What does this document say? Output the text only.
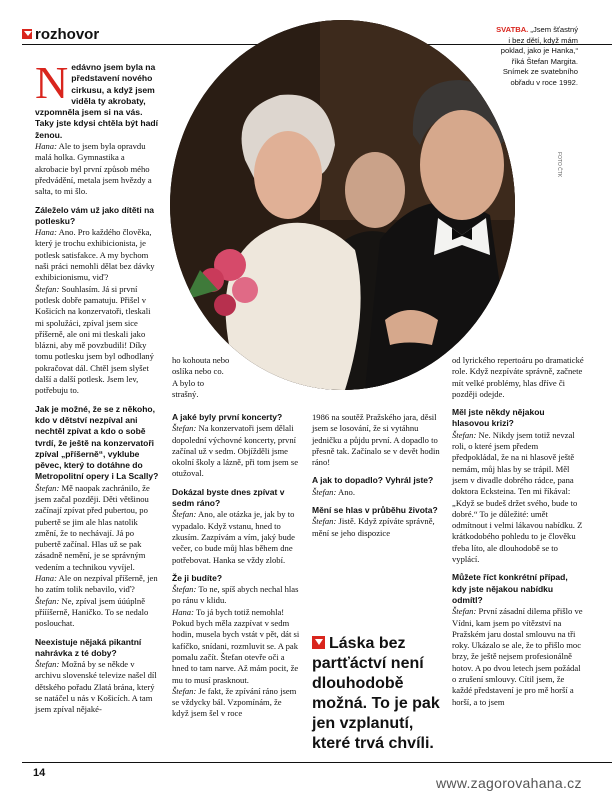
rozhovor

Nedávno jsem byla na představení nového cirkusu, a když jsem viděla ty akrobaty, vzpomněla jsem si na vás. Taky jste kdysi chtěla být hadí ženou.

Hana: Ale to jsem byla opravdu malá holka. Gymnastika a akrobacie byl první způsob mého předvádění, metala jsem hvězdy a salta, to mi šlo.

Záleželo vám už jako dítěti na potlesku?

Hana: Ano. Pro každého člověka, který je trochu exhibicionista, je potlesk satisfakce. A my bychom naši práci nemohli dělat bez dávky exhibicionismu, viď?

Štefan: Souhlasím. Já si první potlesk dobře pamatuju. Přišel v Košicích na konzervatoři, tleskali mi spolužáci, zpíval jsem sice příšerně, ale oni mi tleskali jako blázni, aby mě povzbudili! Díky tomu potlesku jsem byl odhodlaný pokračovat dál. Chtěl jsem slyšet další a další potlesk. Jsem lev, potřebuju to.

Jak je možné, že se z někoho, kdo v dětství nezpíval ani nechtěl zpívat a kdo o sobě tvrdí, že ještě na konzervatoři zpíval „příšerně“, vyklube pěvec, který to dotáhne do Metropolitní opery i La Scally?

Štefan: Mě naopak zachránilo, že jsem začal později. Děti většinou začínají zpívat před pubertou, po pubertě se jim ale hlas natolik změní, že to nechávají. Já po pubertě začínal. Hlas už se pak zásadně nemění, je se správným vedením a technikou vyvíjel.

Hana: Ale on nezpíval příšerně, jen ho zatím tolik nebavilo, viď?

Štefan: Ne, zpíval jsem úúúplně příííšerně, Haničko. To se nedalo poslouchat.

Neexistuje nějaká pikantní nahrávka z té doby?

Štefan: Možná by se někde v archivu slovenské televize našel díl dětského pořadu Zlatá brána, který se natáčel u nás v Košicích. A tam jsem zpíval nějaké-

SVATBA. „Jsem šťastný i bez dětí, když mám poklad, jako je Hanka,“ říká Štefan Margita. Snímek ze svatebního obřadu v roce 1992.
FOTO ČTK

ho kohouta nebo oslíka nebo co. A bylo to strašný.

A jaké byly první koncerty?

Štefan: Na konzervatoři jsem dělali dopolední výchovné koncerty, první začínal už v sedm. Objížděli jsme okolní školy a lázně, při tom jsem se otužoval.

Dokázal byste dnes zpívat v sedm ráno?

Štefan: Ano, ale otázka je, jak by to vypadalo. Když vstanu, hned to zkusím. Zazpívám a vím, jaký bude večer, co bude můj hlas během dne potřebovat. Hanka se vždy zlobí.

Že ji budíte?

Štefan: To ne, spíš abych nechal hlas po ránu v klidu.

Hana: To já bych totiž nemohla! Pokud bych měla zazpívat v sedm hodin, musela bych vstát v pět, dát si kafíčko, snídani, rozmluvit se. A pak pomalu začít. Štefan otevře oči a hned to tam narve. Až mám pocit, že mu to musí prasknout.

Štefan: Je fakt, že zpívání ráno jsem se vždycky bál. Vzpomínám, že když jsem šel v roce

1986 na soutěž Pražského jara, děsil jsem se losování, že si vytáhnu jedničku a půjdu první. A dopadlo to přesně tak. Začínalo se v devět hodin ráno!

A jak to dopadlo? Vyhrál jste?

Štefan: Ano.

Mění se hlas v průběhu života?

Štefan: Jistě. Když zpíváte správně, mění se jeho dispozice

Láska bez partťáctví není dlouhodobě možná. To je pak jen vzplanutí, které trvá chvíli.

od lyrického repertoáru po dramatické role. Když nezpíváte správně, začnete mít velké problémy, hlas dříve či později odejde.

Měl jste někdy nějakou hlasovou krizi?

Štefan: Ne. Nikdy jsem totiž nevzal roli, o které jsem předem předpokládal, že na ni hlasově ještě nemám, můj hlas by se trápil. Měl jsem v divadle dobrého rádce, pana doktora Ecksteina. Ten mi říkával: „Když se budeš držet svého, bude to dobré.“ To je důležité: umět odmítnout i velmi lákavou nabídku. Z krátkodobého pohledu to je člověku třeba líto, ale dlouhodobě se to vyplácí.

Můžete říct konkrétní případ, kdy jste nějakou nabídku odmítl?

Štefan: První zásadní dilema přišlo ve Vídni, kam jsem po vítězství na Pražském jaru dostal smlouvu na tři roky. Ukázalo se ale, že to přišlo moc brzy, že ještě nejsem profesionálně hotov. A po dvou letech jsem požádal o zrušení smlouvy. Cítil jsem, že každé představení je pro mě horší a horší, a to jsem

14
www.zagorovahana.cz
